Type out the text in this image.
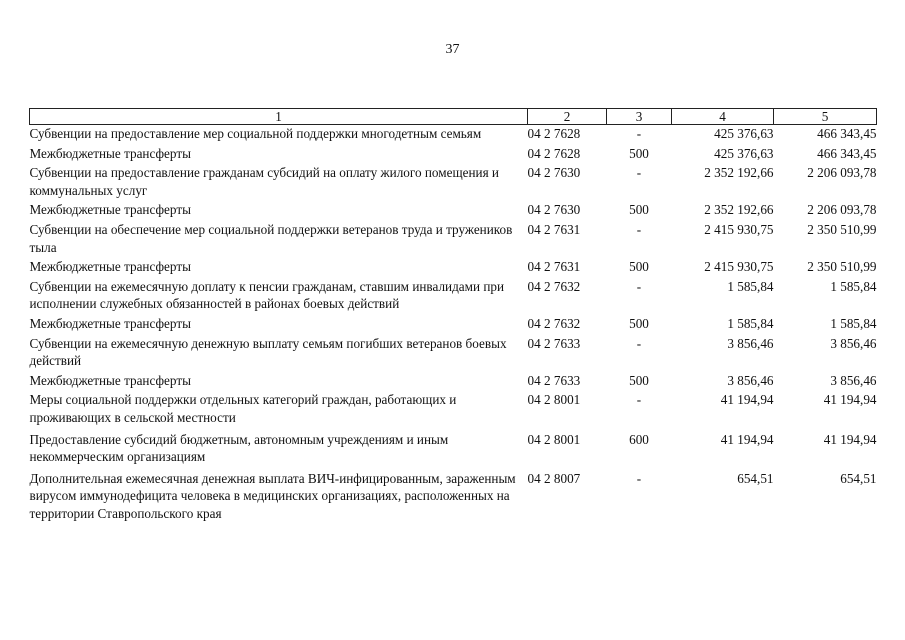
37
1	2	3	4	5
Субвенции на предоставление мер социальной поддержки многодетным семьям	04 2 7628	-	425 376,63	466 343,45
Межбюджетные трансферты	04 2 7628	500	425 376,63	466 343,45
Субвенции на предоставление гражданам субсидий на оплату жилого помещения и коммунальных услуг	04 2 7630	-	2 352 192,66	2 206 093,78
Межбюджетные трансферты	04 2 7630	500	2 352 192,66	2 206 093,78
Субвенции на обеспечение мер социальной поддержки ветеранов труда и тружеников тыла	04 2 7631	-	2 415 930,75	2 350 510,99
Межбюджетные трансферты	04 2 7631	500	2 415 930,75	2 350 510,99
Субвенции на ежемесячную доплату к пенсии гражданам, ставшим инвалидами при исполнении служебных обязанностей в районах боевых действий	04 2 7632	-	1 585,84	1 585,84
Межбюджетные трансферты	04 2 7632	500	1 585,84	1 585,84
Субвенции на ежемесячную денежную выплату семьям погибших ветеранов боевых действий	04 2 7633	-	3 856,46	3 856,46
Межбюджетные трансферты	04 2 7633	500	3 856,46	3 856,46
Меры социальной поддержки отдельных категорий граждан, работающих и проживающих в сельской местности	04 2 8001	-	41 194,94	41 194,94
Предоставление субсидий бюджетным, автономным учреждениям и иным некоммерческим организациям	04 2 8001	600	41 194,94	41 194,94
Дополнительная ежемесячная денежная выплата ВИЧ-инфицированным, зараженным вирусом иммунодефицита человека в медицинских организациях, расположенных на территории Ставропольского края	04 2 8007	-	654,51	654,51
